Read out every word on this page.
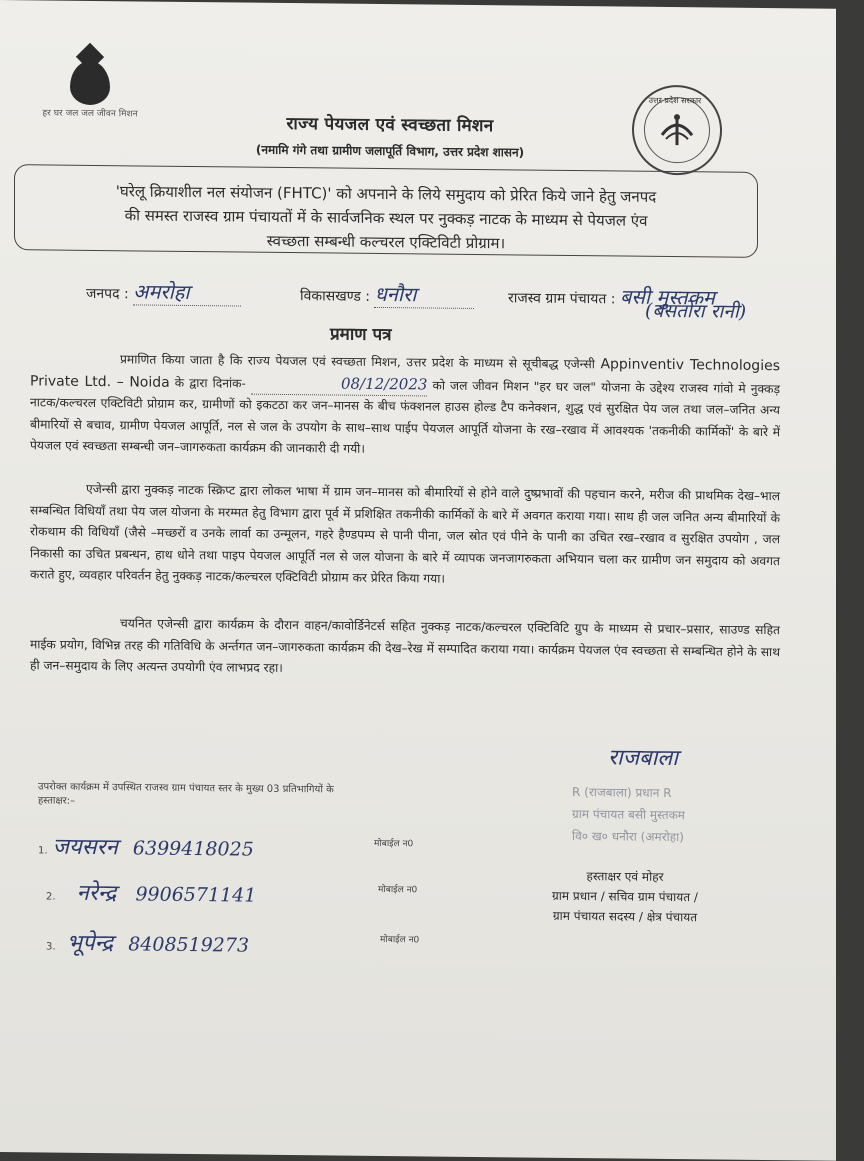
हर घर जल जल जीवन मिशन
उत्तर प्रदेश सरकार
राज्य पेयजल एवं स्वच्छता मिशन
(नमामि गंगे तथा ग्रामीण जलापूर्ति विभाग, उत्तर प्रदेश शासन)
'घरेलू क्रियाशील नल संयोजन (FHTC)' को अपनाने के लिये समुदाय को प्रेरित किये जाने हेतु जनपद
की समस्त राजस्व ग्राम पंचायतों में के सार्वजनिक स्थल पर नुक्कड़ नाटक के माध्यम से पेयजल एंव
स्वच्छता सम्बन्धी कल्चरल एक्टिविटी प्रोग्राम।
जनपद : अमरोहा	विकासखण्ड : धनौरा	राजस्व ग्राम पंचायत : बसी मुस्तकम
(बसतोरा रानी)
प्रमाण पत्र
प्रमाणित किया जाता है कि राज्य पेयजल एवं स्वच्छता मिशन, उत्तर प्रदेश के माध्यम से सूचीबद्ध एजेन्सी Appinventiv Technologies Private Ltd. – Noida के द्वारा दिनांक-	08/12/2023 को जल जीवन मिशन "हर घर जल" योजना के उद्देश्य राजस्व गांवो मे नुक्कड़ नाटक/कल्चरल एक्टिविटी प्रोग्राम कर, ग्रामीणों को इकटठा कर जन–मानस के बीच फंक्शनल हाउस होल्ड टैप कनेक्शन, शुद्ध एवं सुरक्षित पेय जल तथा जल–जनित अन्य बीमारियों से बचाव, ग्रामीण पेयजल आपूर्ति, नल से जल के उपयोग के साथ–साथ पाईप पेयजल आपूर्ति योजना के रख–रखाव में आवश्यक 'तकनीकी कार्मिकों' के बारे में पेयजल एवं स्वच्छता सम्बन्धी जन–जागरुकता कार्यक्रम की जानकारी दी गयी।
एजेन्सी द्वारा नुक्कड़ नाटक स्क्रिप्ट द्वारा लोकल भाषा में ग्राम जन–मानस को बीमारियों से होने वाले दुष्प्रभावों की पहचान करने, मरीज की प्राथमिक देख–भाल सम्बन्धित विधियाँ तथा पेय जल योजना के मरम्मत हेतु विभाग द्वारा पूर्व में प्रशिक्षित तकनीकी कार्मिकों के बारे में अवगत कराया गया। साथ ही जल जनित अन्य बीमारियों के रोकथाम की विधियाँ (जैसे –मच्छरों व उनके लार्वा का उन्मूलन, गहरे हैण्डपम्प से पानी पीना, जल स्रोत एवं पीने के पानी का उचित रख–रखाव व सुरक्षित उपयोग , जल निकासी का उचित प्रबन्धन, हाथ धोने तथा पाइप पेयजल आपूर्ति नल से जल योजना के बारे में व्यापक जनजागरुकता अभियान चला कर ग्रामीण जन समुदाय को अवगत कराते हुए, व्यवहार परिवर्तन हेतु नुक्कड़ नाटक/कल्चरल एक्टिविटी प्रोग्राम कर प्रेरित किया गया।
चयनित एजेन्सी द्वारा कार्यक्रम के दौरान वाहन/कावोर्डिनेटर्स सहित नुक्कड़ नाटक/कल्चरल एक्टिविटि ग्रुप के माध्यम से प्रचार–प्रसार, साउण्ड सहित माईक प्रयोग, विभिन्न तरह की गतिविधि के अर्न्तगत जन–जागरुकता कार्यक्रम की देख–रेख में सम्पादित कराया गया। कार्यक्रम पेयजल एंव स्वच्छता से सम्बन्धित होने के साथ ही जन–समुदाय के लिए अत्यन्त उपयोगी एंव लाभप्रद रहा।
राजबाला
R (राजबाला) प्रधान R
ग्राम पंचायत बसी मुस्तकम
वि० ख० धनौरा (अमरोहा)
हस्ताक्षर एवं मोहर
ग्राम प्रधान / सचिव ग्राम पंचायत /
ग्राम पंचायत सदस्य / क्षेत्र पंचायत
उपरोक्त कार्यक्रम में उपस्थित राजस्व ग्राम पंचायत स्तर के मुख्य 03 प्रतिभागियों के
हस्ताक्षर:–
1. जयसरन 6399418025	मोबाईल न0
2. नरेन्द्र 9906571141	मोबाईल न0
3. भूपेन्द्र 8408519273	मोबाईल न0
